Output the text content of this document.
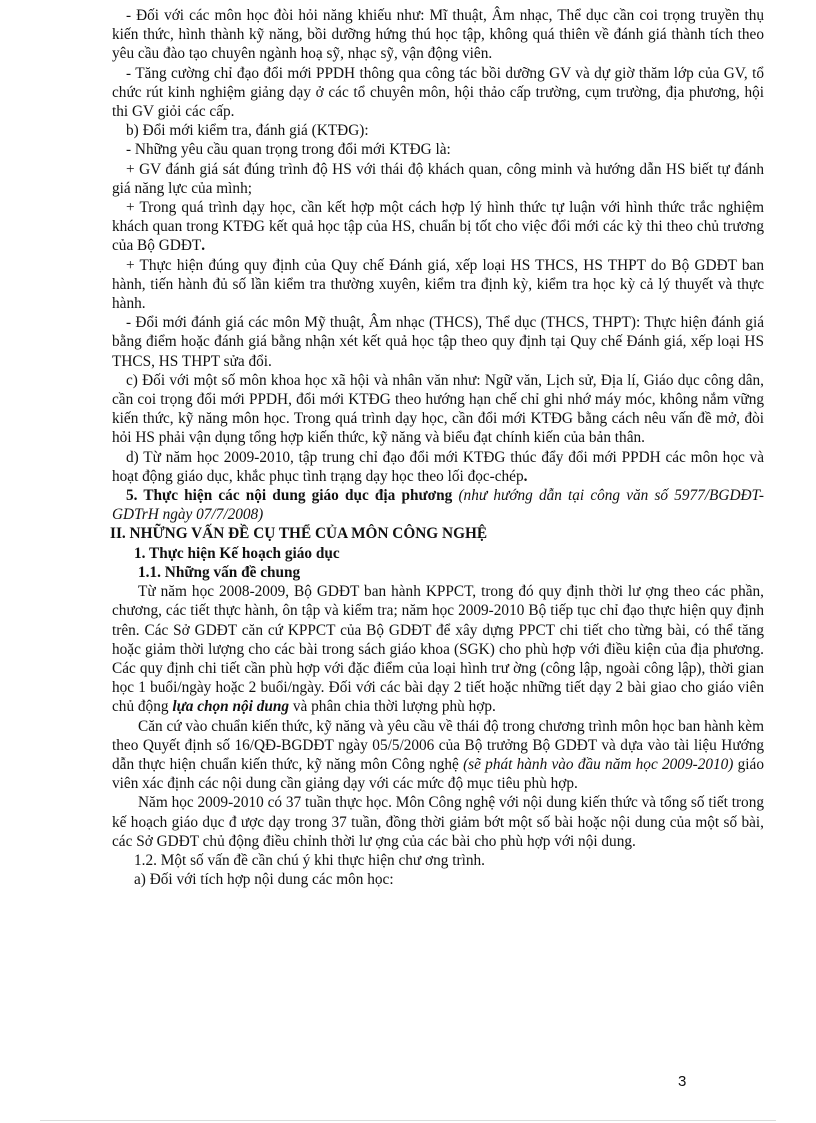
- Đối với các môn học đòi hỏi năng khiếu như: Mĩ thuật, Âm nhạc, Thể dục cần coi trọng truyền thụ kiến thức, hình thành kỹ năng, bồi dưỡng hứng thú học tập, không quá thiên về đánh giá thành tích theo yêu cầu đào tạo chuyên ngành hoạ sỹ, nhạc sỹ, vận động viên.

- Tăng cường chỉ đạo đổi mới PPDH thông qua công tác bồi dưỡng GV và dự giờ thăm lớp của GV, tổ chức rút kinh nghiệm giảng dạy ở các tổ chuyên môn, hội thảo cấp trường, cụm trường, địa phương, hội thi GV giỏi các cấp.

b) Đổi mới kiểm tra, đánh giá (KTĐG):

- Những yêu cầu quan trọng trong đổi mới KTĐG là:

+ GV đánh giá sát đúng trình độ HS với thái độ khách quan, công minh và hướng dẫn HS biết tự đánh giá năng lực của mình;

+ Trong quá trình dạy học, cần kết hợp một cách hợp lý hình thức tự luận với hình thức trắc nghiệm khách quan trong KTĐG kết quả học tập của HS, chuẩn bị tốt cho việc đổi mới các kỳ thi theo chủ trương của Bộ GDĐT.

+ Thực hiện đúng quy định của Quy chế Đánh giá, xếp loại HS THCS, HS THPT do Bộ GDĐT ban hành, tiến hành đủ số lần kiểm tra thường xuyên, kiểm tra định kỳ, kiểm tra học kỳ cả lý thuyết và thực hành.

- Đổi mới đánh giá các môn Mỹ thuật, Âm nhạc (THCS), Thể dục (THCS, THPT): Thực hiện đánh giá bằng điểm hoặc đánh giá bằng nhận xét kết quả học tập theo quy định tại Quy chế Đánh giá, xếp loại HS THCS, HS THPT sửa đổi.

c) Đối với một số môn khoa học xã hội và nhân văn như: Ngữ văn, Lịch sử, Địa lí, Giáo dục công dân, cần coi trọng đổi mới PPDH, đổi mới KTĐG theo hướng hạn chế chỉ ghi nhớ máy móc, không nắm vững kiến thức, kỹ năng môn học. Trong quá trình dạy học, cần đổi mới KTĐG bằng cách nêu vấn đề mở, đòi hỏi HS phải vận dụng tổng hợp kiến thức, kỹ năng và biểu đạt chính kiến của bản thân.

d) Từ năm học 2009-2010, tập trung chỉ đạo đổi mới KTĐG thúc đẩy đổi mới PPDH các môn học và hoạt động giáo dục, khắc phục tình trạng dạy học theo lối đọc-chép.

5. Thực hiện các nội dung giáo dục địa phương (như hướng dẫn tại công văn số 5977/BGDĐT-GDTrH ngày 07/7/2008)

II. NHỮNG VẤN ĐỀ CỤ THỂ CỦA MÔN CÔNG NGHỆ

1. Thực hiện Kế hoạch giáo dục

1.1. Những vấn đề chung

Từ năm học 2008-2009, Bộ GDĐT ban hành KPPCT, trong đó quy định thời lư ợng theo các phần, chương, các tiết thực hành, ôn tập và kiểm tra; năm học 2009-2010 Bộ tiếp tục chỉ đạo thực hiện quy định trên. Các Sở GDĐT căn cứ KPPCT của Bộ GDĐT để xây dựng PPCT chi tiết cho từng bài, có thể tăng hoặc giảm thời lượng cho các bài trong sách giáo khoa (SGK) cho phù hợp với điều kiện của địa phương. Các quy định chi tiết cần phù hợp với đặc điểm của loại hình trư ờng (công lập, ngoài công lập), thời gian học 1 buổi/ngày hoặc 2 buổi/ngày. Đối với các bài dạy 2 tiết hoặc những tiết dạy 2 bài giao cho giáo viên chủ động lựa chọn nội dung và phân chia thời lượng phù hợp.

Căn cứ vào chuẩn kiến thức, kỹ năng và yêu cầu về thái độ trong chương trình môn học ban hành kèm theo Quyết định số 16/QĐ-BGDĐT ngày 05/5/2006 của Bộ trưởng Bộ GDĐT và dựa vào tài liệu Hướng dẫn thực hiện chuẩn kiến thức, kỹ năng môn Công nghệ (sẽ phát hành vào đầu năm học 2009-2010) giáo viên xác định các nội dung cần giảng dạy với các mức độ mục tiêu phù hợp.

Năm học 2009-2010 có 37 tuần thực học. Môn Công nghệ với nội dung kiến thức và tổng số tiết trong kế hoạch giáo dục đ ược dạy trong 37 tuần, đồng thời giảm bớt một số bài hoặc nội dung của một số bài, các Sở GDĐT chủ động điều chỉnh thời lư ợng của các bài cho phù hợp với nội dung.

1.2. Một số vấn đề cần chú ý khi thực hiện chư ơng trình.

a) Đối với tích hợp nội dung các môn học:

3
